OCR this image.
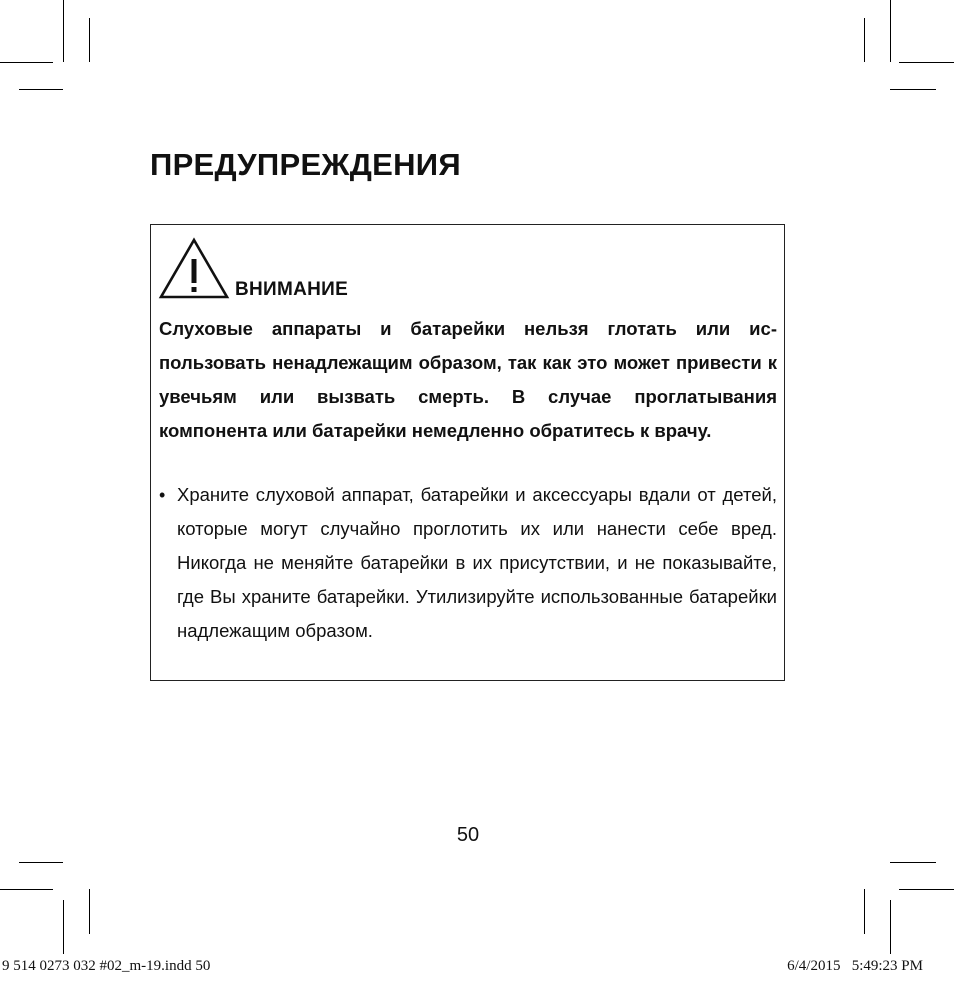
ПРЕДУПРЕЖДЕНИЯ
ВНИМАНИЕ

Слуховые аппараты и батарейки нельзя глотать или использовать ненадлежащим образом, так как это может привести к увечьям или вызвать смерть. В случае проглатывания компонента или батарейки немедленно обратитесь к врачу.

• Храните слуховой аппарат, батарейки и аксессуары вдали от детей, которые могут случайно проглотить их или нанести себе вред. Никогда не меняйте батарейки в их присутствии, и не показывайте, где Вы храните батарейки. Утилизируйте использованные батарейки надлежащим образом.

50
9 514 0273 032 #02_m-19.indd 50	6/4/2015   5:49:23 PM
